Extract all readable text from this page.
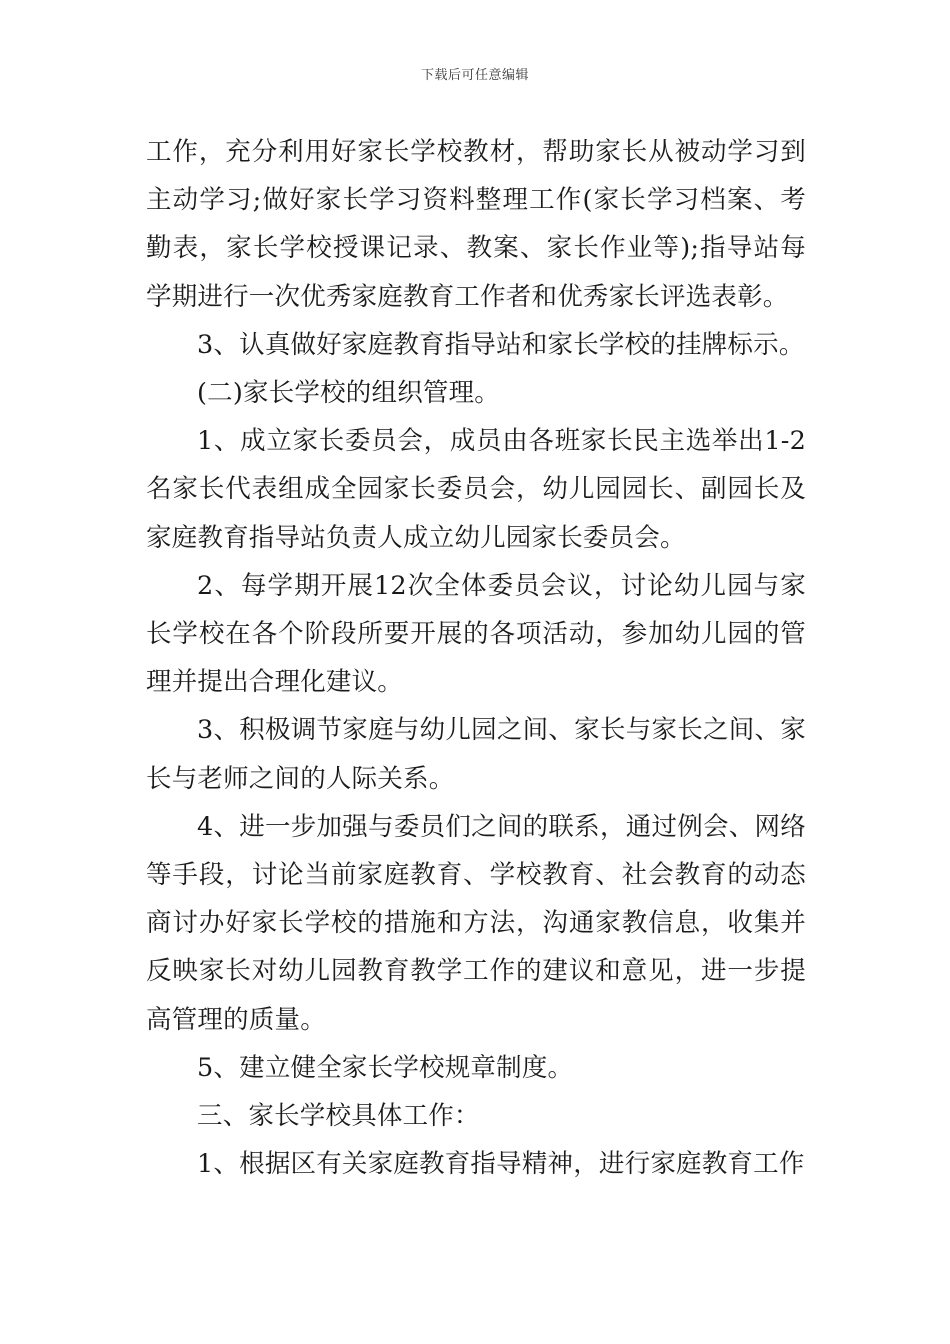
下载后可任意编辑

工作，充分利用好家长学校教材，帮助家长从被动学习到主动学习;做好家长学习资料整理工作(家长学习档案、考勤表，家长学校授课记录、教案、家长作业等);指导站每学期进行一次优秀家庭教育工作者和优秀家长评选表彰。

3、认真做好家庭教育指导站和家长学校的挂牌标示。

(二)家长学校的组织管理。

1、成立家长委员会，成员由各班家长民主选举出1-2名家长代表组成全园家长委员会，幼儿园园长、副园长及家庭教育指导站负责人成立幼儿园家长委员会。

2、每学期开展12次全体委员会议，讨论幼儿园与家长学校在各个阶段所要开展的各项活动，参加幼儿园的管理并提出合理化建议。

3、积极调节家庭与幼儿园之间、家长与家长之间、家长与老师之间的人际关系。

4、进一步加强与委员们之间的联系，通过例会、网络等手段，讨论当前家庭教育、学校教育、社会教育的动态商讨办好家长学校的措施和方法，沟通家教信息，收集并反映家长对幼儿园教育教学工作的建议和意见，进一步提高管理的质量。

5、建立健全家长学校规章制度。

三、家长学校具体工作：

1、根据区有关家庭教育指导精神，进行家庭教育工作
